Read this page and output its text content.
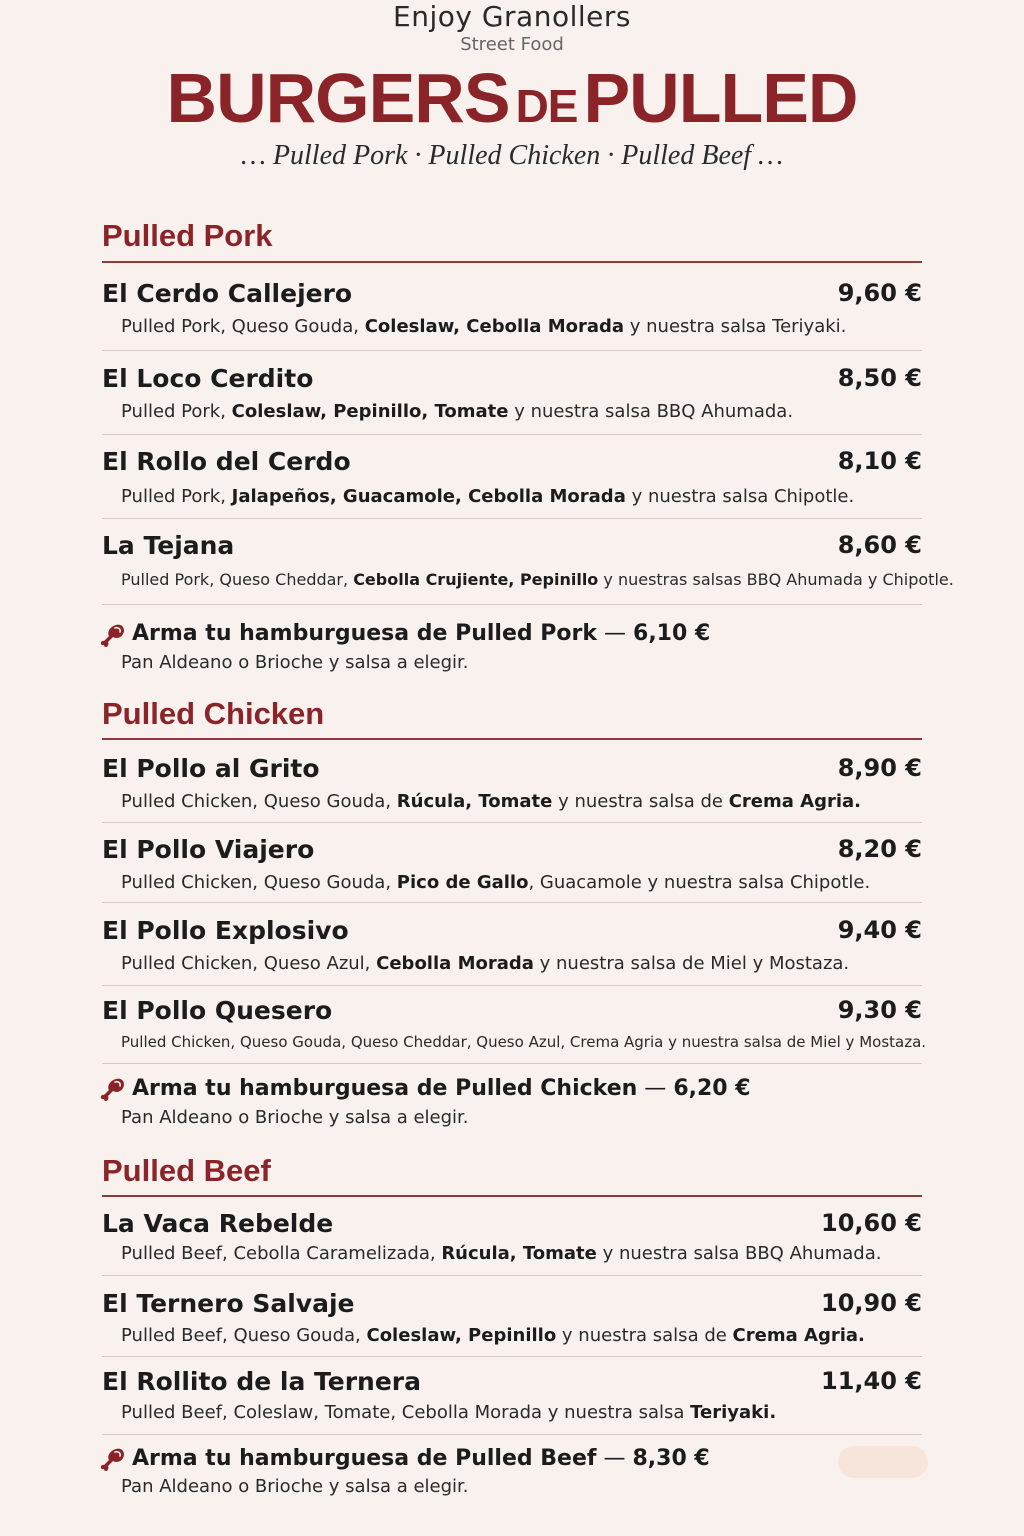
Enjoy Granollers
Street Food
BURGERS DEPULLED
… Pulled Pork · Pulled Chicken · Pulled Beef …
Pulled Pork
El Cerdo Callejero	9,60 €
Pulled Pork, Queso Gouda, Coleslaw, Cebolla Morada y nuestra salsa Teriyaki.
El Loco Cerdito	8,50 €
Pulled Pork, Coleslaw, Pepinillo, Tomate y nuestra salsa BBQ Ahumada.
El Rollo del Cerdo	8,10 €
Pulled Pork, Jalapeños, Guacamole, Cebolla Morada y nuestra salsa Chipotle.
La Tejana	8,60 €
Pulled Pork, Queso Cheddar, Cebolla Crujiente, Pepinillo y nuestras salsas BBQ Ahumada y Chipotle.
Arma tu hamburguesa de Pulled Pork — 6,10 €
Pan Aldeano o Brioche y salsa a elegir.
Pulled Chicken
El Pollo al Grito	8,90 €
Pulled Chicken, Queso Gouda, Rúcula, Tomate y nuestra salsa de Crema Agria.
El Pollo Viajero	8,20 €
Pulled Chicken, Queso Gouda, Pico de Gallo, Guacamole y nuestra salsa Chipotle.
El Pollo Explosivo	9,40 €
Pulled Chicken, Queso Azul, Cebolla Morada y nuestra salsa de Miel y Mostaza.
El Pollo Quesero	9,30 €
Pulled Chicken, Queso Gouda, Queso Cheddar, Queso Azul, Crema Agria y nuestra salsa de Miel y Mostaza.
Arma tu hamburguesa de Pulled Chicken — 6,20 €
Pan Aldeano o Brioche y salsa a elegir.
Pulled Beef
La Vaca Rebelde	10,60 €
Pulled Beef, Cebolla Caramelizada, Rúcula, Tomate y nuestra salsa BBQ Ahumada.
El Ternero Salvaje	10,90 €
Pulled Beef, Queso Gouda, Coleslaw, Pepinillo y nuestra salsa de Crema Agria.
El Rollito de la Ternera	11,40 €
Pulled Beef, Coleslaw, Tomate, Cebolla Morada y nuestra salsa Teriyaki.
Arma tu hamburguesa de Pulled Beef — 8,30 €
Pan Aldeano o Brioche y salsa a elegir.
